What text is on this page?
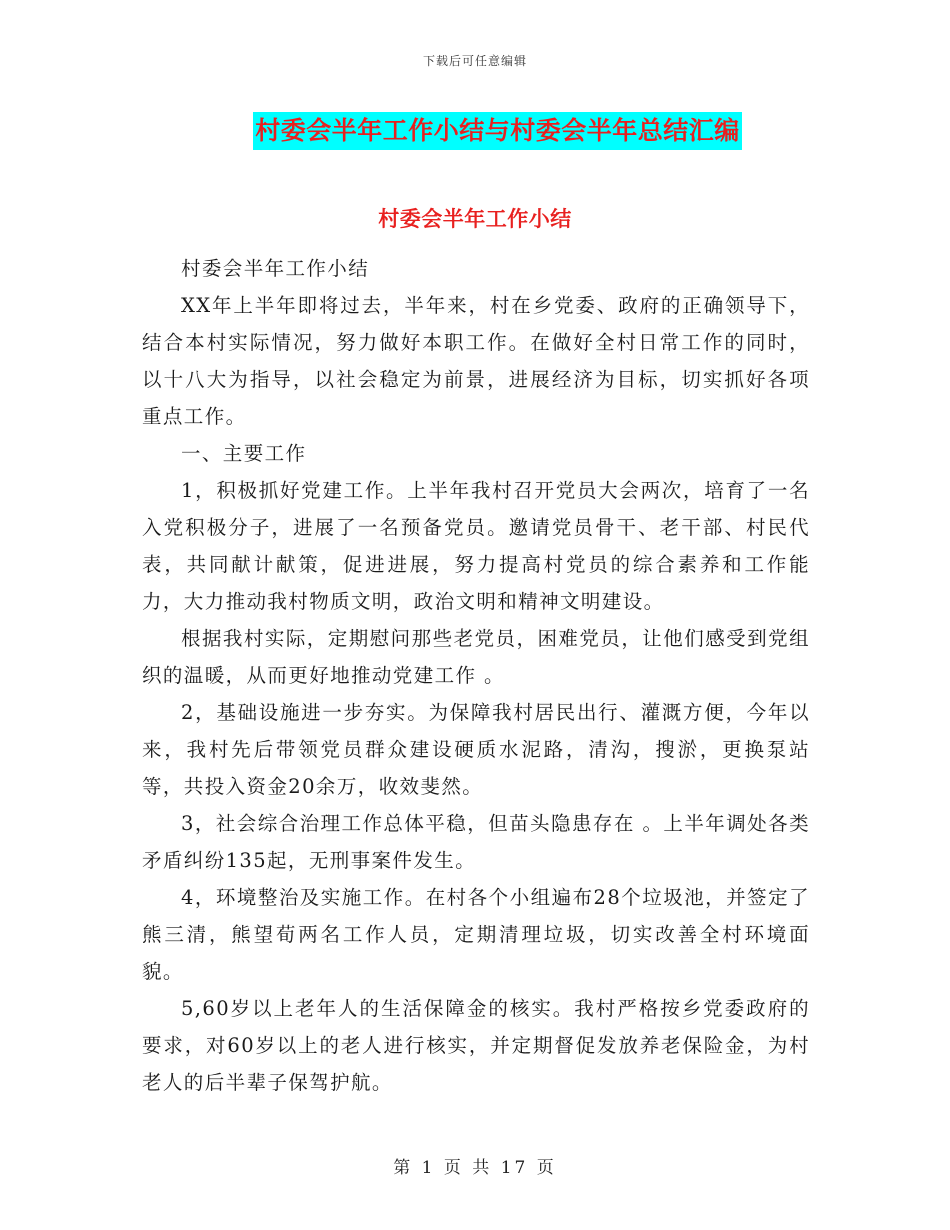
下载后可任意编辑
村委会半年工作小结与村委会半年总结汇编
村委会半年工作小结

村委会半年工作小结

XX年上半年即将过去，半年来，村在乡党委、政府的正确领导下，结合本村实际情况，努力做好本职工作。在做好全村日常工作的同时，以十八大为指导，以社会稳定为前景，进展经济为目标，切实抓好各项重点工作。

一、主要工作

1，积极抓好党建工作。上半年我村召开党员大会两次，培育了一名入党积极分子，进展了一名预备党员。邀请党员骨干、老干部、村民代表，共同献计献策，促进进展，努力提高村党员的综合素养和工作能力，大力推动我村物质文明，政治文明和精神文明建设。

根据我村实际，定期慰问那些老党员，困难党员，让他们感受到党组织的温暖，从而更好地推动党建工作 。

2，基础设施进一步夯实。为保障我村居民出行、灌溉方便，今年以来，我村先后带领党员群众建设硬质水泥路，清沟，搜淤，更换泵站等，共投入资金20余万，收效斐然。

3，社会综合治理工作总体平稳，但苗头隐患存在 。上半年调处各类矛盾纠纷135起，无刑事案件发生。

4，环境整治及实施工作。在村各个小组遍布28个垃圾池，并签定了熊三清，熊望荀两名工作人员，定期清理垃圾，切实改善全村环境面貌。

5,60岁以上老年人的生活保障金的核实。我村严格按乡党委政府的要求，对60岁以上的老人进行核实，并定期督促发放养老保险金，为村老人的后半辈子保驾护航。

第 1 页 共 17 页
